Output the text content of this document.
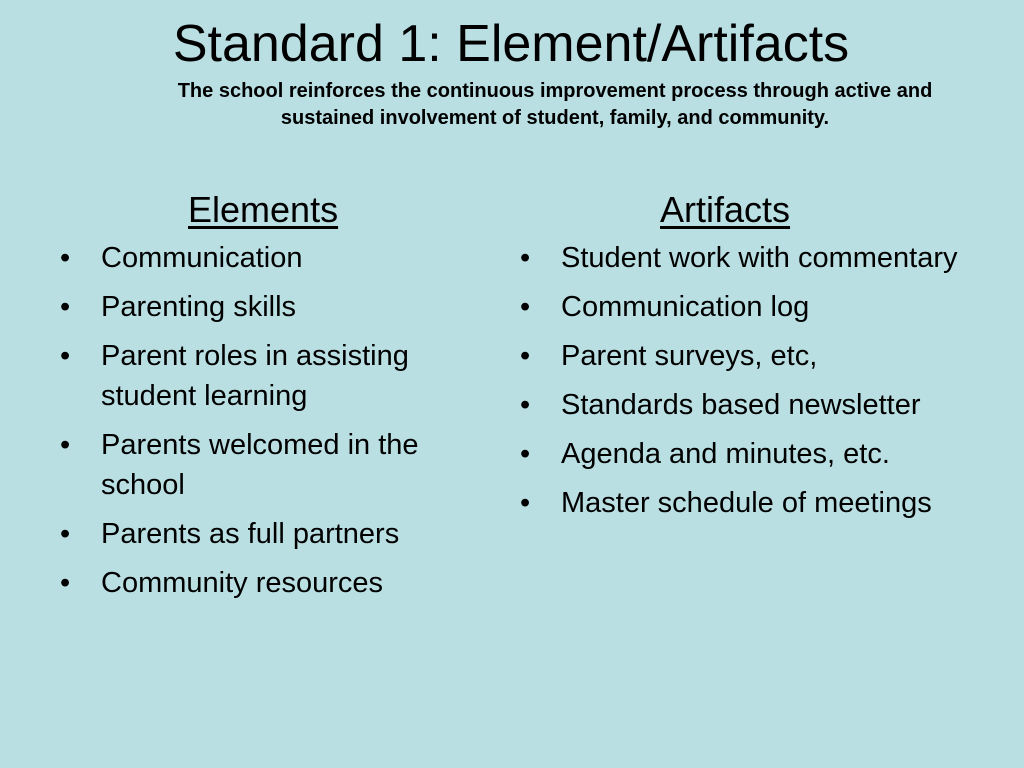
Standard 1: Element/Artifacts
The school reinforces the continuous improvement process through active and sustained involvement of student, family, and community.
Elements
• Communication
• Parenting skills
• Parent roles in assisting student learning
• Parents welcomed in the school
• Parents as full partners
• Community resources
Artifacts
• Student work with commentary
• Communication log
• Parent surveys, etc,
• Standards based newsletter
• Agenda and minutes, etc.
• Master schedule of meetings
